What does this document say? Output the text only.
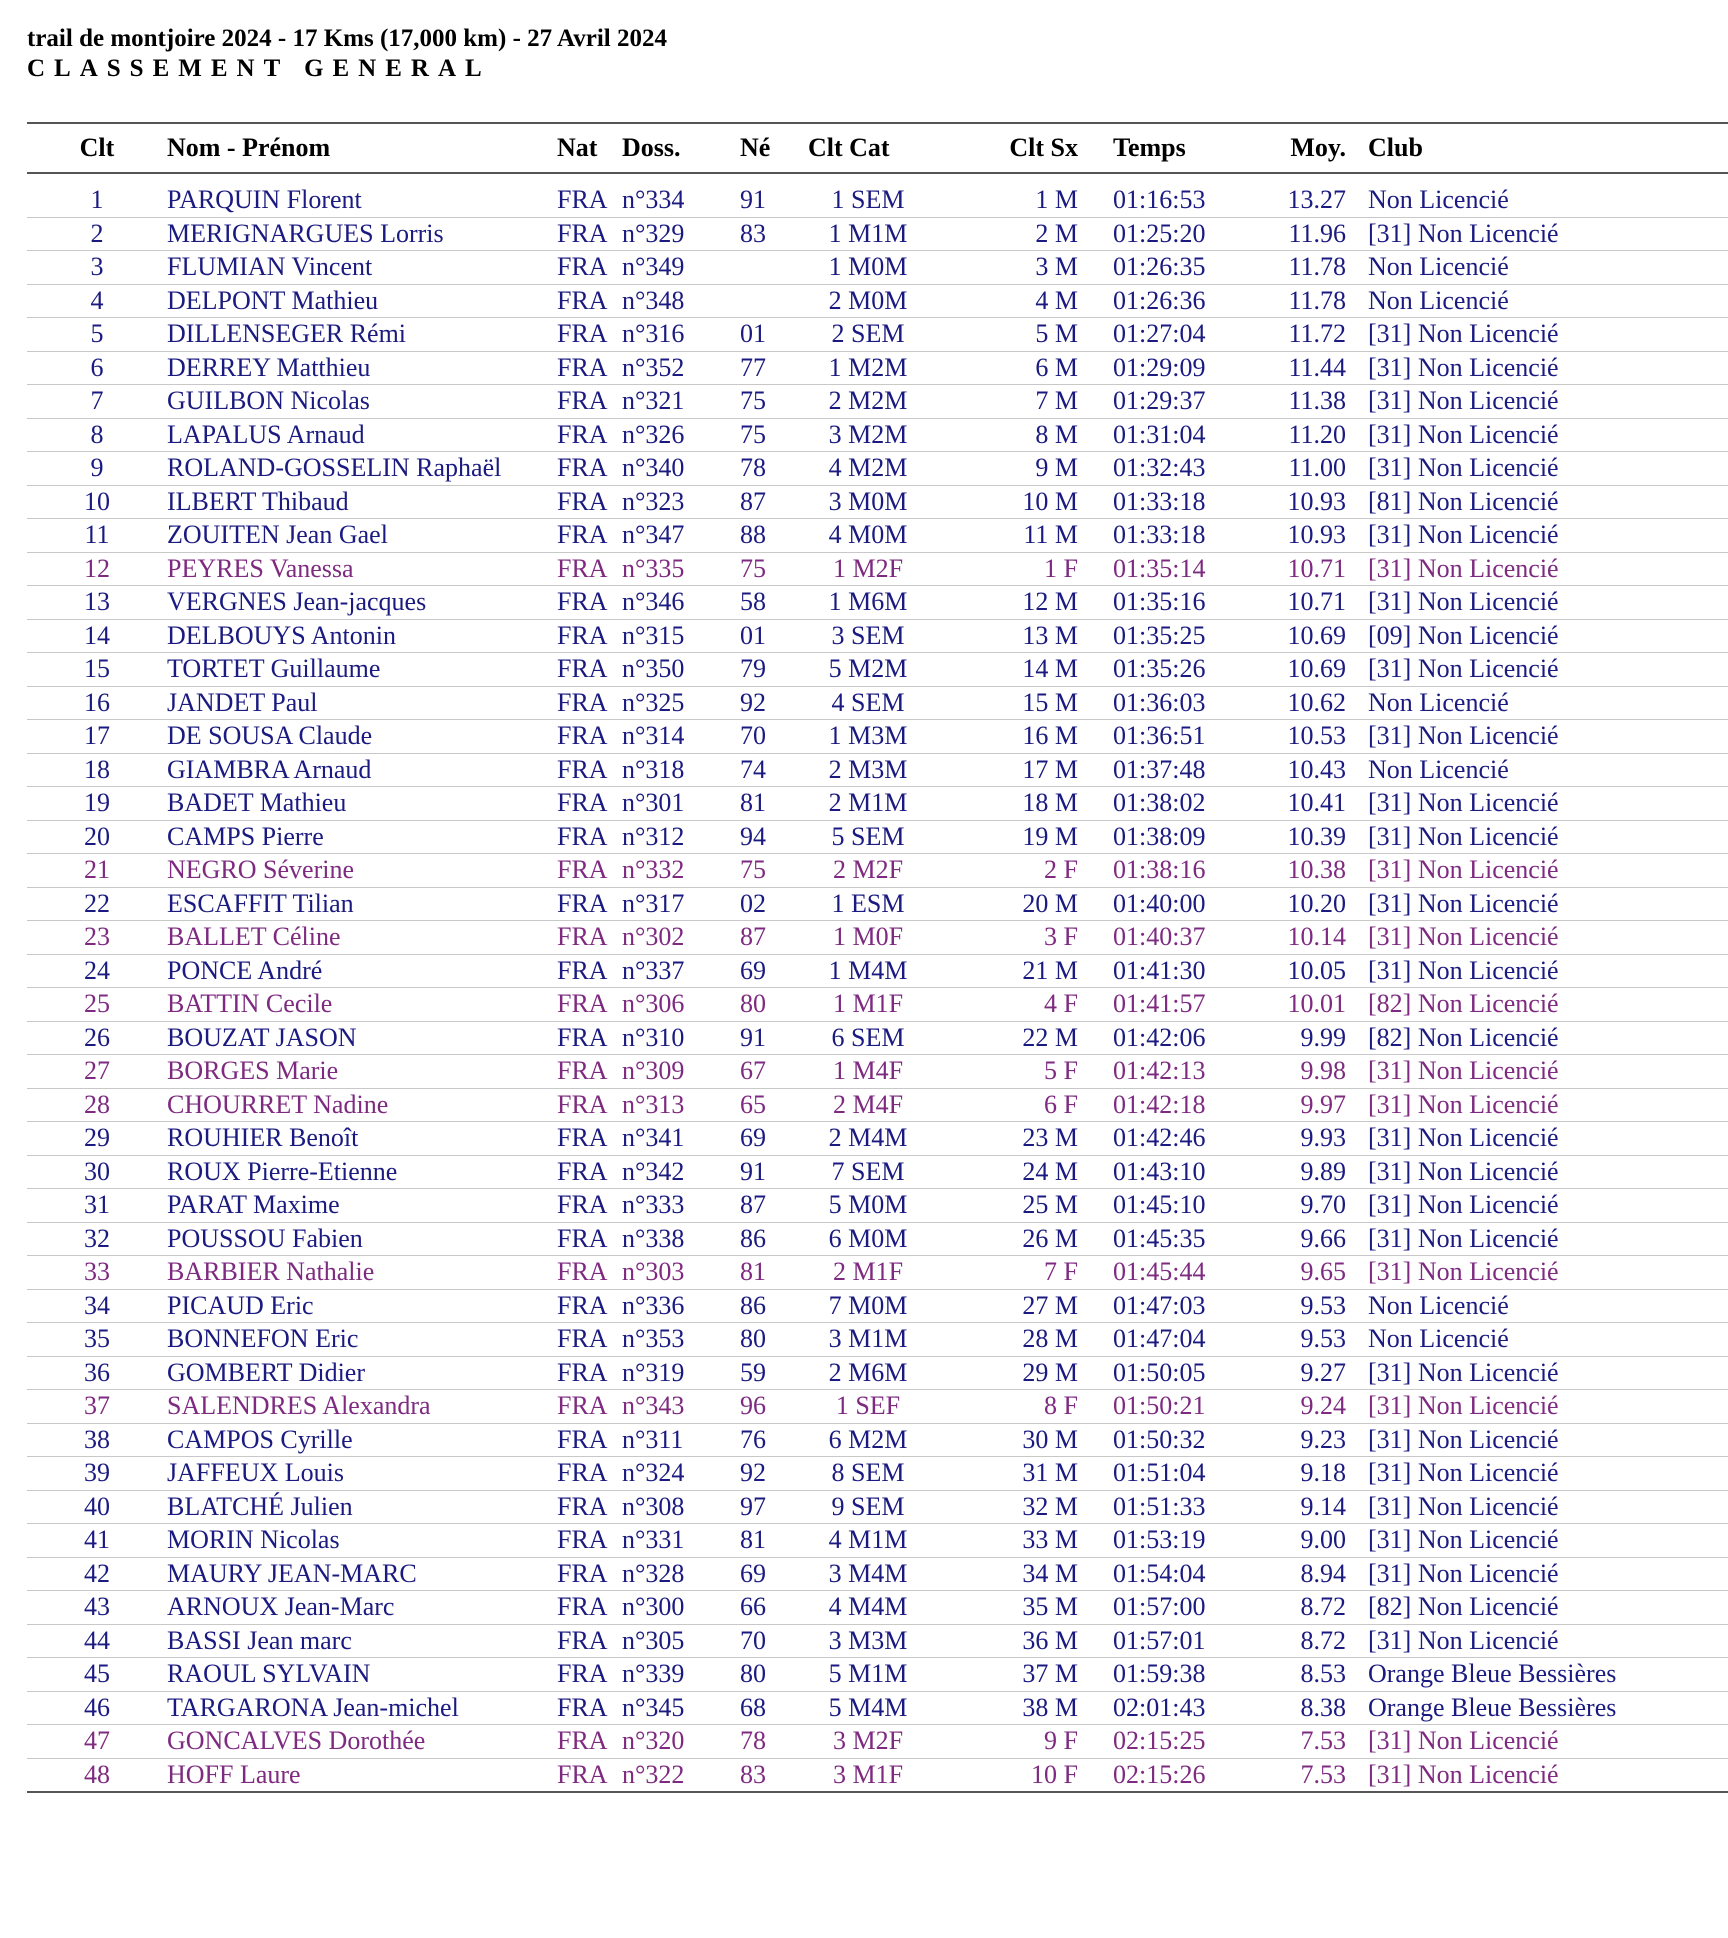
trail de montjoire 2024 - 17 Kms (17,000 km) - 27 Avril 2024

CLASSEMENT GENERAL

Clt	Nom - Prénom	Nat	Doss.	Né	Clt Cat	Clt Sx	Temps	Moy.	Club

1	PARQUIN Florent	FRA	n°334	91	1 SEM	1 M	01:16:53	13.27	Non Licencié
2	MERIGNARGUES Lorris	FRA	n°329	83	1 M1M	2 M	01:25:20	11.96	[31] Non Licencié
3	FLUMIAN Vincent	FRA	n°349		1 M0M	3 M	01:26:35	11.78	Non Licencié
4	DELPONT Mathieu	FRA	n°348		2 M0M	4 M	01:26:36	11.78	Non Licencié
5	DILLENSEGER Rémi	FRA	n°316	01	2 SEM	5 M	01:27:04	11.72	[31] Non Licencié
6	DERREY Matthieu	FRA	n°352	77	1 M2M	6 M	01:29:09	11.44	[31] Non Licencié
7	GUILBON Nicolas	FRA	n°321	75	2 M2M	7 M	01:29:37	11.38	[31] Non Licencié
8	LAPALUS Arnaud	FRA	n°326	75	3 M2M	8 M	01:31:04	11.20	[31] Non Licencié
9	ROLAND-GOSSELIN Raphaël	FRA	n°340	78	4 M2M	9 M	01:32:43	11.00	[31] Non Licencié
10	ILBERT Thibaud	FRA	n°323	87	3 M0M	10 M	01:33:18	10.93	[81] Non Licencié
11	ZOUITEN Jean Gael	FRA	n°347	88	4 M0M	11 M	01:33:18	10.93	[31] Non Licencié
12	PEYRES Vanessa	FRA	n°335	75	1 M2F	1 F	01:35:14	10.71	[31] Non Licencié
13	VERGNES Jean-jacques	FRA	n°346	58	1 M6M	12 M	01:35:16	10.71	[31] Non Licencié
14	DELBOUYS Antonin	FRA	n°315	01	3 SEM	13 M	01:35:25	10.69	[09] Non Licencié
15	TORTET Guillaume	FRA	n°350	79	5 M2M	14 M	01:35:26	10.69	[31] Non Licencié
16	JANDET Paul	FRA	n°325	92	4 SEM	15 M	01:36:03	10.62	Non Licencié
17	DE SOUSA Claude	FRA	n°314	70	1 M3M	16 M	01:36:51	10.53	[31] Non Licencié
18	GIAMBRA Arnaud	FRA	n°318	74	2 M3M	17 M	01:37:48	10.43	Non Licencié
19	BADET Mathieu	FRA	n°301	81	2 M1M	18 M	01:38:02	10.41	[31] Non Licencié
20	CAMPS Pierre	FRA	n°312	94	5 SEM	19 M	01:38:09	10.39	[31] Non Licencié
21	NEGRO Séverine	FRA	n°332	75	2 M2F	2 F	01:38:16	10.38	[31] Non Licencié
22	ESCAFFIT Tilian	FRA	n°317	02	1 ESM	20 M	01:40:00	10.20	[31] Non Licencié
23	BALLET Céline	FRA	n°302	87	1 M0F	3 F	01:40:37	10.14	[31] Non Licencié
24	PONCE André	FRA	n°337	69	1 M4M	21 M	01:41:30	10.05	[31] Non Licencié
25	BATTIN Cecile	FRA	n°306	80	1 M1F	4 F	01:41:57	10.01	[82] Non Licencié
26	BOUZAT JASON	FRA	n°310	91	6 SEM	22 M	01:42:06	9.99	[82] Non Licencié
27	BORGES Marie	FRA	n°309	67	1 M4F	5 F	01:42:13	9.98	[31] Non Licencié
28	CHOURRET Nadine	FRA	n°313	65	2 M4F	6 F	01:42:18	9.97	[31] Non Licencié
29	ROUHIER Benoît	FRA	n°341	69	2 M4M	23 M	01:42:46	9.93	[31] Non Licencié
30	ROUX Pierre-Etienne	FRA	n°342	91	7 SEM	24 M	01:43:10	9.89	[31] Non Licencié
31	PARAT Maxime	FRA	n°333	87	5 M0M	25 M	01:45:10	9.70	[31] Non Licencié
32	POUSSOU Fabien	FRA	n°338	86	6 M0M	26 M	01:45:35	9.66	[31] Non Licencié
33	BARBIER Nathalie	FRA	n°303	81	2 M1F	7 F	01:45:44	9.65	[31] Non Licencié
34	PICAUD Eric	FRA	n°336	86	7 M0M	27 M	01:47:03	9.53	Non Licencié
35	BONNEFON Eric	FRA	n°353	80	3 M1M	28 M	01:47:04	9.53	Non Licencié
36	GOMBERT Didier	FRA	n°319	59	2 M6M	29 M	01:50:05	9.27	[31] Non Licencié
37	SALENDRES Alexandra	FRA	n°343	96	1 SEF	8 F	01:50:21	9.24	[31] Non Licencié
38	CAMPOS Cyrille	FRA	n°311	76	6 M2M	30 M	01:50:32	9.23	[31] Non Licencié
39	JAFFEUX Louis	FRA	n°324	92	8 SEM	31 M	01:51:04	9.18	[31] Non Licencié
40	BLATCHÉ Julien	FRA	n°308	97	9 SEM	32 M	01:51:33	9.14	[31] Non Licencié
41	MORIN Nicolas	FRA	n°331	81	4 M1M	33 M	01:53:19	9.00	[31] Non Licencié
42	MAURY JEAN-MARC	FRA	n°328	69	3 M4M	34 M	01:54:04	8.94	[31] Non Licencié
43	ARNOUX Jean-Marc	FRA	n°300	66	4 M4M	35 M	01:57:00	8.72	[82] Non Licencié
44	BASSI Jean marc	FRA	n°305	70	3 M3M	36 M	01:57:01	8.72	[31] Non Licencié
45	RAOUL SYLVAIN	FRA	n°339	80	5 M1M	37 M	01:59:38	8.53	Orange Bleue Bessières
46	TARGARONA Jean-michel	FRA	n°345	68	5 M4M	38 M	02:01:43	8.38	Orange Bleue Bessières
47	GONCALVES Dorothée	FRA	n°320	78	3 M2F	9 F	02:15:25	7.53	[31] Non Licencié
48	HOFF Laure	FRA	n°322	83	3 M1F	10 F	02:15:26	7.53	[31] Non Licencié
